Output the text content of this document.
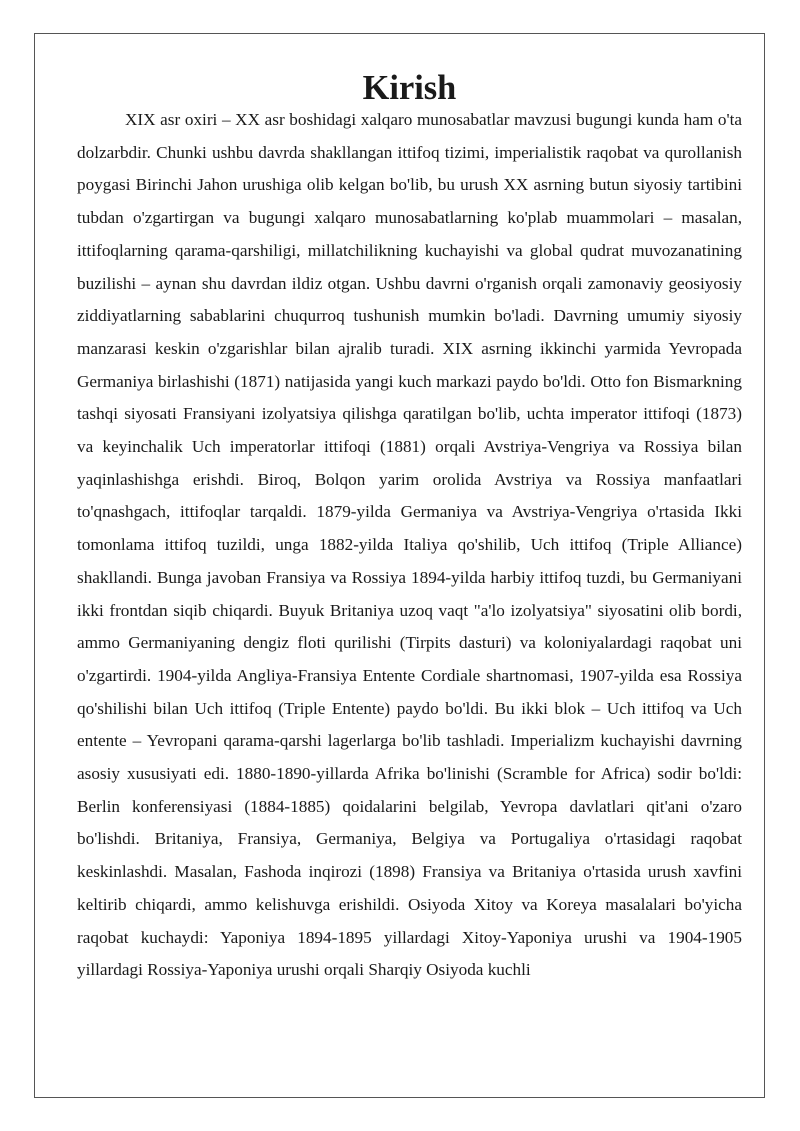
Kirish

XIX asr oxiri – XX asr boshidagi xalqaro munosabatlar mavzusi bugungi kunda ham o'ta dolzarbdir. Chunki ushbu davrda shakllangan ittifoq tizimi, imperialistik raqobat va qurollanish poygasi Birinchi Jahon urushiga olib kelgan bo'lib, bu urush XX asrning butun siyosiy tartibini tubdan o'zgartirgan va bugungi xalqaro munosabatlarning ko'plab muammolari – masalan, ittifoqlarning qarama-qarshiligi, millatchilikning kuchayishi va global qudrat muvozanatining buzilishi – aynan shu davrdan ildiz otgan. Ushbu davrni o'rganish orqali zamonaviy geosiyosiy ziddiyatlarning sabablarini chuqurroq tushunish mumkin bo'ladi. Davrning umumiy siyosiy manzarasi keskin o'zgarishlar bilan ajralib turadi. XIX asrning ikkinchi yarmida Yevropada Germaniya birlashishi (1871) natijasida yangi kuch markazi paydo bo'ldi. Otto fon Bismarkning tashqi siyosati Fransiyani izolyatsiya qilishga qaratilgan bo'lib, uchta imperator ittifoqi (1873) va keyinchalik Uch imperatorlar ittifoqi (1881) orqali Avstriya-Vengriya va Rossiya bilan yaqinlashishga erishdi. Biroq, Bolqon yarim orolida Avstriya va Rossiya manfaatlari to'qnashgach, ittifoqlar tarqaldi. 1879-yilda Germaniya va Avstriya-Vengriya o'rtasida Ikki tomonlama ittifoq tuzildi, unga 1882-yilda Italiya qo'shilib, Uch ittifoq (Triple Alliance) shakllandi. Bunga javoban Fransiya va Rossiya 1894-yilda harbiy ittifoq tuzdi, bu Germaniyani ikki frontdan siqib chiqardi. Buyuk Britaniya uzoq vaqt "a'lo izolyatsiya" siyosatini olib bordi, ammo Germaniyaning dengiz floti qurilishi (Tirpits dasturi) va koloniyalardagi raqobat uni o'zgartirdi. 1904-yilda Angliya-Fransiya Entente Cordiale shartnomasi, 1907-yilda esa Rossiya qo'shilishi bilan Uch ittifoq (Triple Entente) paydo bo'ldi. Bu ikki blok – Uch ittifoq va Uch entente – Yevropani qarama-qarshi lagerlarga bo'lib tashladi. Imperializm kuchayishi davrning asosiy xususiyati edi. 1880-1890-yillarda Afrika bo'linishi (Scramble for Africa) sodir bo'ldi: Berlin konferensiyasi (1884-1885) qoidalarini belgilab, Yevropa davlatlari qit'ani o'zaro bo'lishdi. Britaniya, Fransiya, Germaniya, Belgiya va Portugaliya o'rtasidagi raqobat keskinlashdi. Masalan, Fashoda inqirozi (1898) Fransiya va Britaniya o'rtasida urush xavfini keltirib chiqardi, ammo kelishuvga erishildi. Osiyoda Xitoy va Koreya masalalari bo'yicha raqobat kuchaydi: Yaponiya 1894-1895 yillardagi Xitoy-Yaponiya urushi va 1904-1905 yillardagi Rossiya-Yaponiya urushi orqali Sharqiy Osiyoda kuchli
